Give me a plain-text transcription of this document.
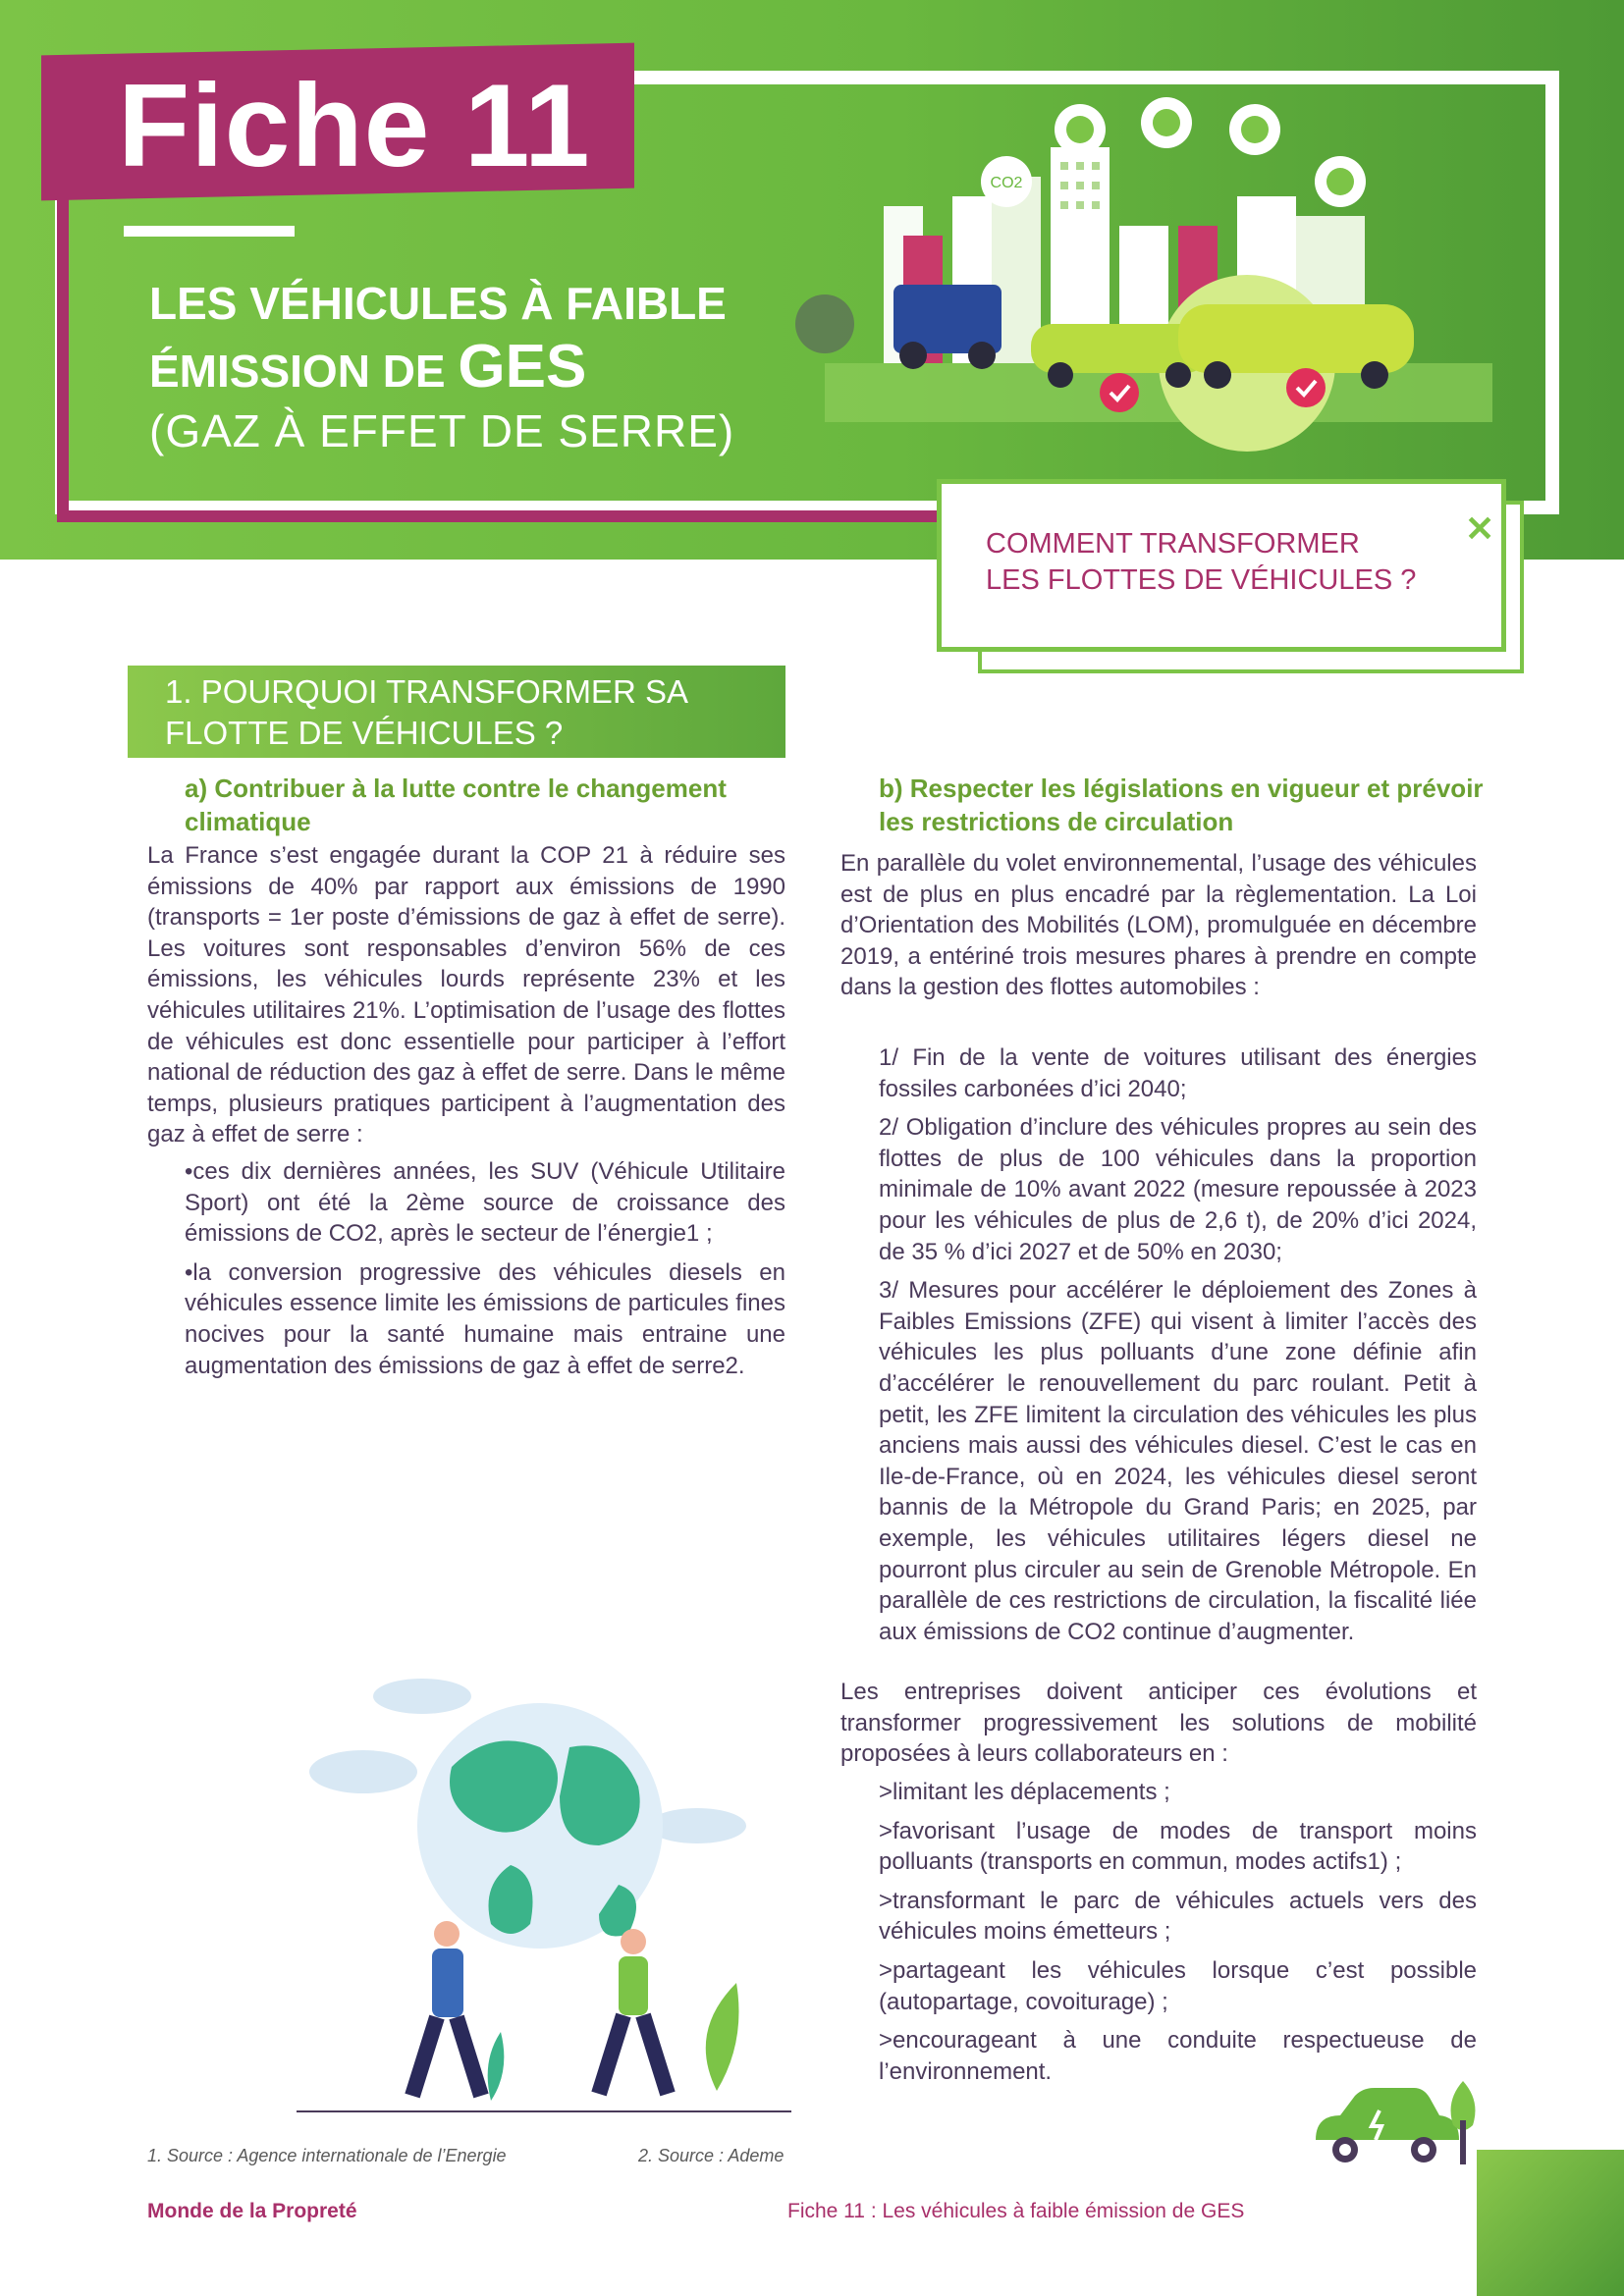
Fiche 11
LES VÉHICULES À FAIBLE
ÉMISSION DE GES
(GAZ À EFFET DE SERRE)
CO2
COMMENT TRANSFORMER LES FLOTTES DE VÉHICULES ?
✕
1. POURQUOI TRANSFORMER SA FLOTTE DE VÉHICULES ?
a) Contribuer à la lutte contre le changement climatique
La France s’est engagée durant la COP 21 à réduire ses émissions de 40% par rapport aux émissions de 1990 (transports = 1er poste d’émissions de gaz à effet de serre). Les voitures sont responsables d’environ 56% de ces émissions, les véhicules lourds représente 23% et les véhicules utilitaires 21%. L’optimisation de l’usage des flottes de véhicules est donc essentielle pour participer à l’effort national de réduction des gaz à effet de serre. Dans le même temps, plusieurs pratiques participent à l’augmentation des gaz à effet de serre :
•ces dix dernières années, les SUV (Véhicule Utilitaire Sport) ont été la 2ème source de croissance des émissions de CO2, après le secteur de l’énergie1 ;
•la conversion progressive des véhicules diesels en véhicules essence limite les émissions de particules fines nocives pour la santé humaine mais entraine une augmentation des émissions de gaz à effet de serre2.
b) Respecter les législations en vigueur et prévoir les restrictions de circulation
En parallèle du volet environnemental, l’usage des véhicules est de plus en plus encadré par la règlementation. La Loi d’Orientation des Mobilités (LOM), promulguée en décembre 2019, a entériné trois mesures phares à prendre en compte dans la gestion des flottes automobiles :
1/ Fin de la vente de voitures utilisant des énergies fossiles carbonées d’ici 2040;
2/ Obligation d’inclure des véhicules propres au sein des flottes de plus de 100 véhicules dans la proportion minimale de 10% avant 2022 (mesure repoussée à 2023 pour les véhicules de plus de 2,6 t), de 20% d’ici 2024, de 35 % d’ici 2027 et de 50% en 2030;
3/ Mesures pour accélérer le déploiement des Zones à Faibles Emissions (ZFE) qui visent à limiter l’accès des véhicules les plus polluants d’une zone définie afin d’accélérer le renouvellement du parc roulant. Petit à petit, les ZFE limitent la circulation des véhicules les plus anciens mais aussi des véhicules diesel. C’est le cas en Ile-de-France, où en 2024, les véhicules diesel seront bannis de la Métropole du Grand Paris; en 2025, par exemple, les véhicules utilitaires légers diesel ne pourront plus circuler au sein de Grenoble Métropole. En parallèle de ces restrictions de circulation, la fiscalité liée aux émissions de CO2 continue d’augmenter.
Les entreprises doivent anticiper ces évolutions et transformer progressivement les solutions de mobilité proposées à leurs collaborateurs en :
>limitant les déplacements ;
>favorisant l’usage de modes de transport moins polluants (transports en commun, modes actifs1) ;
>transformant le parc de véhicules actuels vers des véhicules moins émetteurs ;
>partageant les véhicules lorsque c’est possible (autopartage, covoiturage) ;
>encourageant à une conduite respectueuse de l’environnement.
1. Source : Agence internationale de l’Energie	2. Source : Ademe
Monde de la Propreté	Fiche 11 : Les véhicules à faible émission de GES
